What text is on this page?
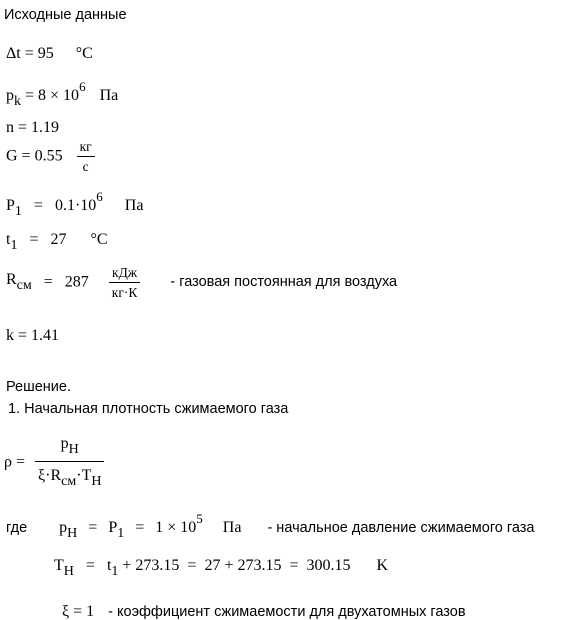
Исходные данные
Δt = 95 °C
$p_k = 8 \times 10^6$  Па
n = 1.19
$G = 0.55 \frac{кг}{с}$
$P_1 = 0.1\cdot 10^6$  Па
$t_1 = 27$ °C
$R_{см} = 287 \frac{\text{кДж}}{кг\cdot К}$ - газовая постоянная для воздуха
k = 1.41
Решение.
1. Начальная плотность сжимаемого газа
$\rho = \frac{p_H}{\xi\cdot R_{см}\cdot T_H}$
где $p_H = P_1 = 1 \times 10^5$  Па - начальное давление сжимаемого газа
$T_H = t_1 + 273.15 = 27 + 273.15 = 300.15$ K
ξ = 1 - коэффициент сжимаемости для двухатомных газов
